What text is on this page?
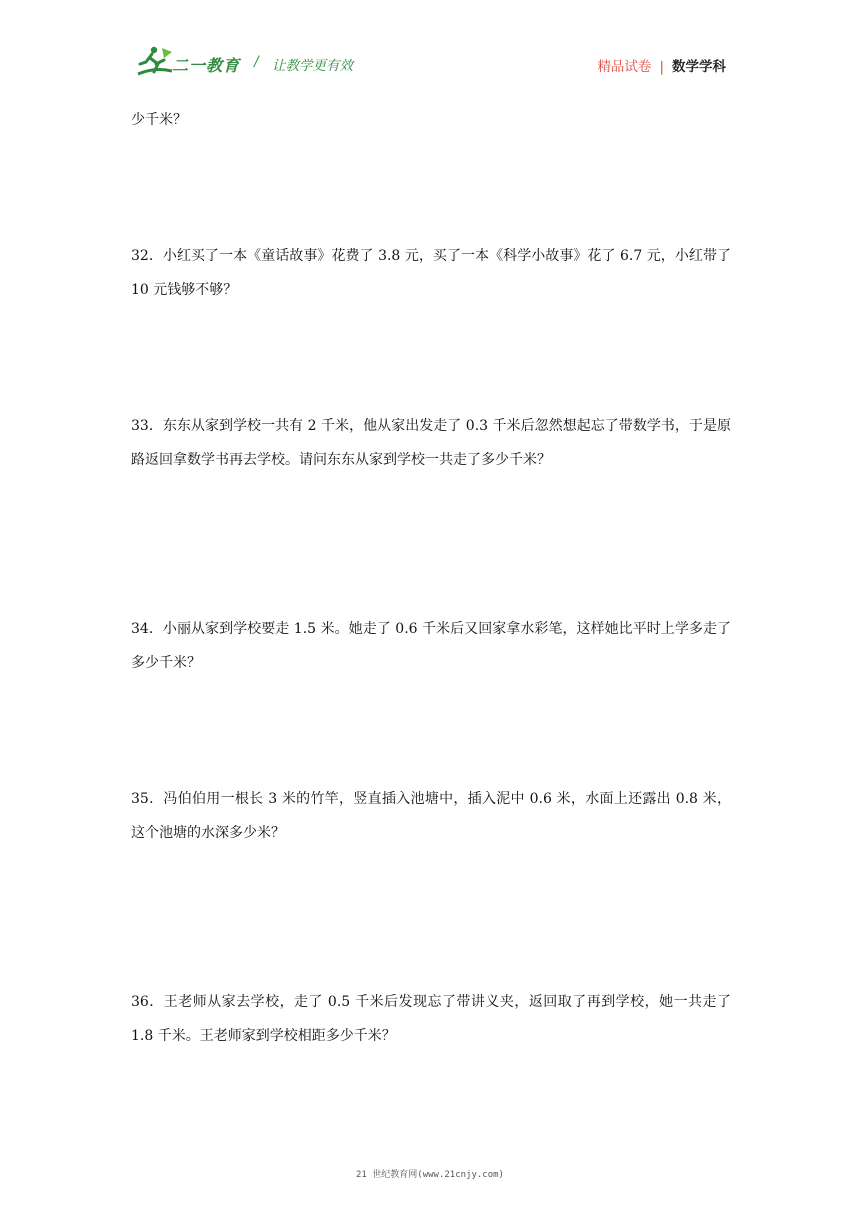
二一教育 / 让教学更有效	精品试卷 | 数学学科
少千米？
32．小红买了一本《童话故事》花费了 3.8 元，买了一本《科学小故事》花了 6.7 元，小红带了 10 元钱够不够？
33．东东从家到学校一共有 2 千米，他从家出发走了 0.3 千米后忽然想起忘了带数学书，于是原路返回拿数学书再去学校。请问东东从家到学校一共走了多少千米？
34．小丽从家到学校要走 1.5 米。她走了 0.6 千米后又回家拿水彩笔，这样她比平时上学多走了多少千米？
35．冯伯伯用一根长 3 米的竹竿，竖直插入池塘中，插入泥中 0.6 米，水面上还露出 0.8 米，这个池塘的水深多少米？
36．王老师从家去学校，走了 0.5 千米后发现忘了带讲义夹，返回取了再到学校，她一共走了 1.8 千米。王老师家到学校相距多少千米？
21 世纪教育网(www.21cnjy.com)
